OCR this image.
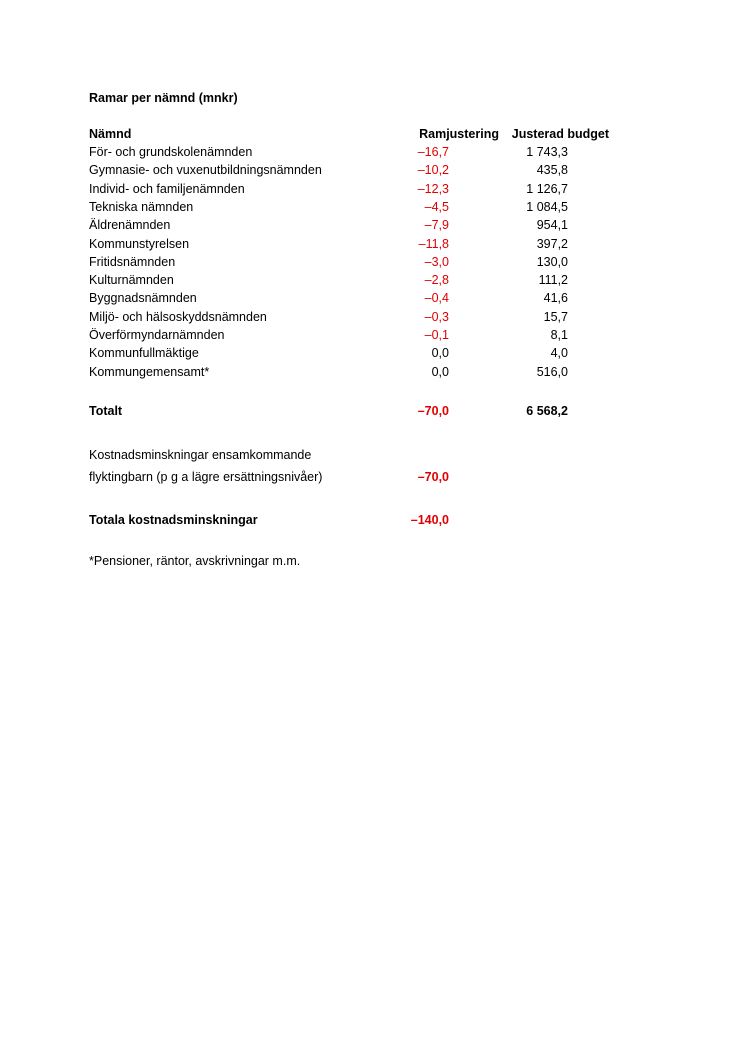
Ramar per nämnd (mnkr)
Nämnd	Ramjustering Justerad budget
För- och grundskolenämnden	–16,7	1 743,3
Gymnasie- och vuxenutbildningsnämnden	–10,2	435,8
Individ- och familjenämnden	–12,3	1 126,7
Tekniska nämnden	–4,5	1 084,5
Äldrenämnden	–7,9	954,1
Kommunstyrelsen	–11,8	397,2
Fritidsnämnden	–3,0	130,0
Kulturnämnden	–2,8	111,2
Byggnadsnämnden	–0,4	41,6
Miljö- och hälsoskyddsnämnden	–0,3	15,7
Överförmyndarnämnden	–0,1	8,1
Kommunfullmäktige	0,0	4,0
Kommungemensamt*	0,0	516,0
Totalt	–70,0	6 568,2
Kostnadsminskningar ensamkommande
flyktingbarn (p g a lägre ersättningsnivåer)	–70,0
Totala kostnadsminskningar	–140,0
*Pensioner, räntor, avskrivningar m.m.
